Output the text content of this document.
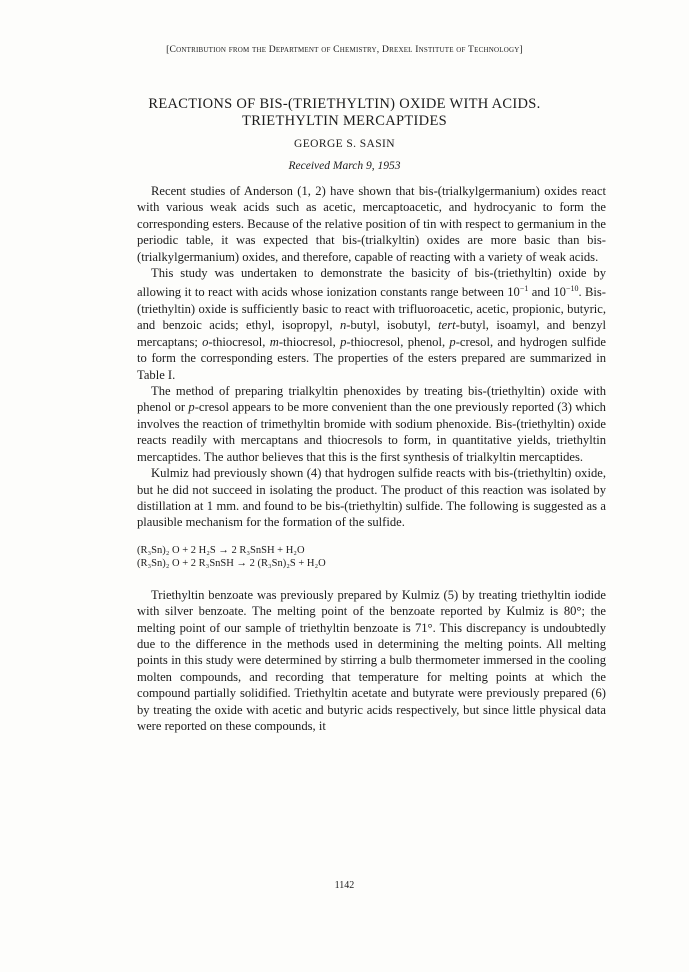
[Contribution from the Department of Chemistry, Drexel Institute of Technology]
REACTIONS OF BIS-(TRIETHYLTIN) OXIDE WITH ACIDS.
TRIETHYLTIN MERCAPTIDES
GEORGE S. SASIN
Received March 9, 1953

Recent studies of Anderson (1, 2) have shown that bis-(trialkylgermanium) oxides react with various weak acids such as acetic, mercaptoacetic, and hydrocyanic to form the corresponding esters. Because of the relative position of tin with respect to germanium in the periodic table, it was expected that bis-(trialkyltin) oxides are more basic than bis-(trialkylgermanium) oxides, and therefore, capable of reacting with a variety of weak acids.

This study was undertaken to demonstrate the basicity of bis-(triethyltin) oxide by allowing it to react with acids whose ionization constants range between $10^{-1}$ and $10^{-10}$. Bis-(triethyltin) oxide is sufficiently basic to react with trifluoroacetic, acetic, propionic, butyric, and benzoic acids; ethyl, isopropyl, n-butyl, isobutyl, tert-butyl, isoamyl, and benzyl mercaptans; o-thiocresol, m-thiocresol, p-thiocresol, phenol, p-cresol, and hydrogen sulfide to form the corresponding esters. The properties of the esters prepared are summarized in Table I.

The method of preparing trialkyltin phenoxides by treating bis-(triethyltin) oxide with phenol or p-cresol appears to be more convenient than the one previously reported (3) which involves the reaction of trimethyltin bromide with sodium phenoxide. Bis-(triethyltin) oxide reacts readily with mercaptans and thiocresols to form, in quantitative yields, triethyltin mercaptides. The author believes that this is the first synthesis of trialkyltin mercaptides.

Kulmiz had previously shown (4) that hydrogen sulfide reacts with bis-(triethyltin) oxide, but he did not succeed in isolating the product. The product of this reaction was isolated by distillation at 1 mm. and found to be bis-(triethyltin) sulfide. The following is suggested as a plausible mechanism for the formation of the sulfide.

(R₃Sn)₂ O + 2 H₂S → 2 R₃SnSH + H₂O
(R₃Sn)₂ O + 2 R₃SnSH → 2 (R₃Sn)₂S + H₂O

Triethyltin benzoate was previously prepared by Kulmiz (5) by treating triethyltin iodide with silver benzoate. The melting point of the benzoate reported by Kulmiz is 80°; the melting point of our sample of triethyltin benzoate is 71°. This discrepancy is undoubtedly due to the difference in the methods used in determining the melting points. All melting points in this study were determined by stirring a bulb thermometer immersed in the cooling molten compounds, and recording that temperature for melting points at which the compound partially solidified. Triethyltin acetate and butyrate were previously prepared (6) by treating the oxide with acetic and butyric acids respectively, but since little physical data were reported on these compounds, it

1142
